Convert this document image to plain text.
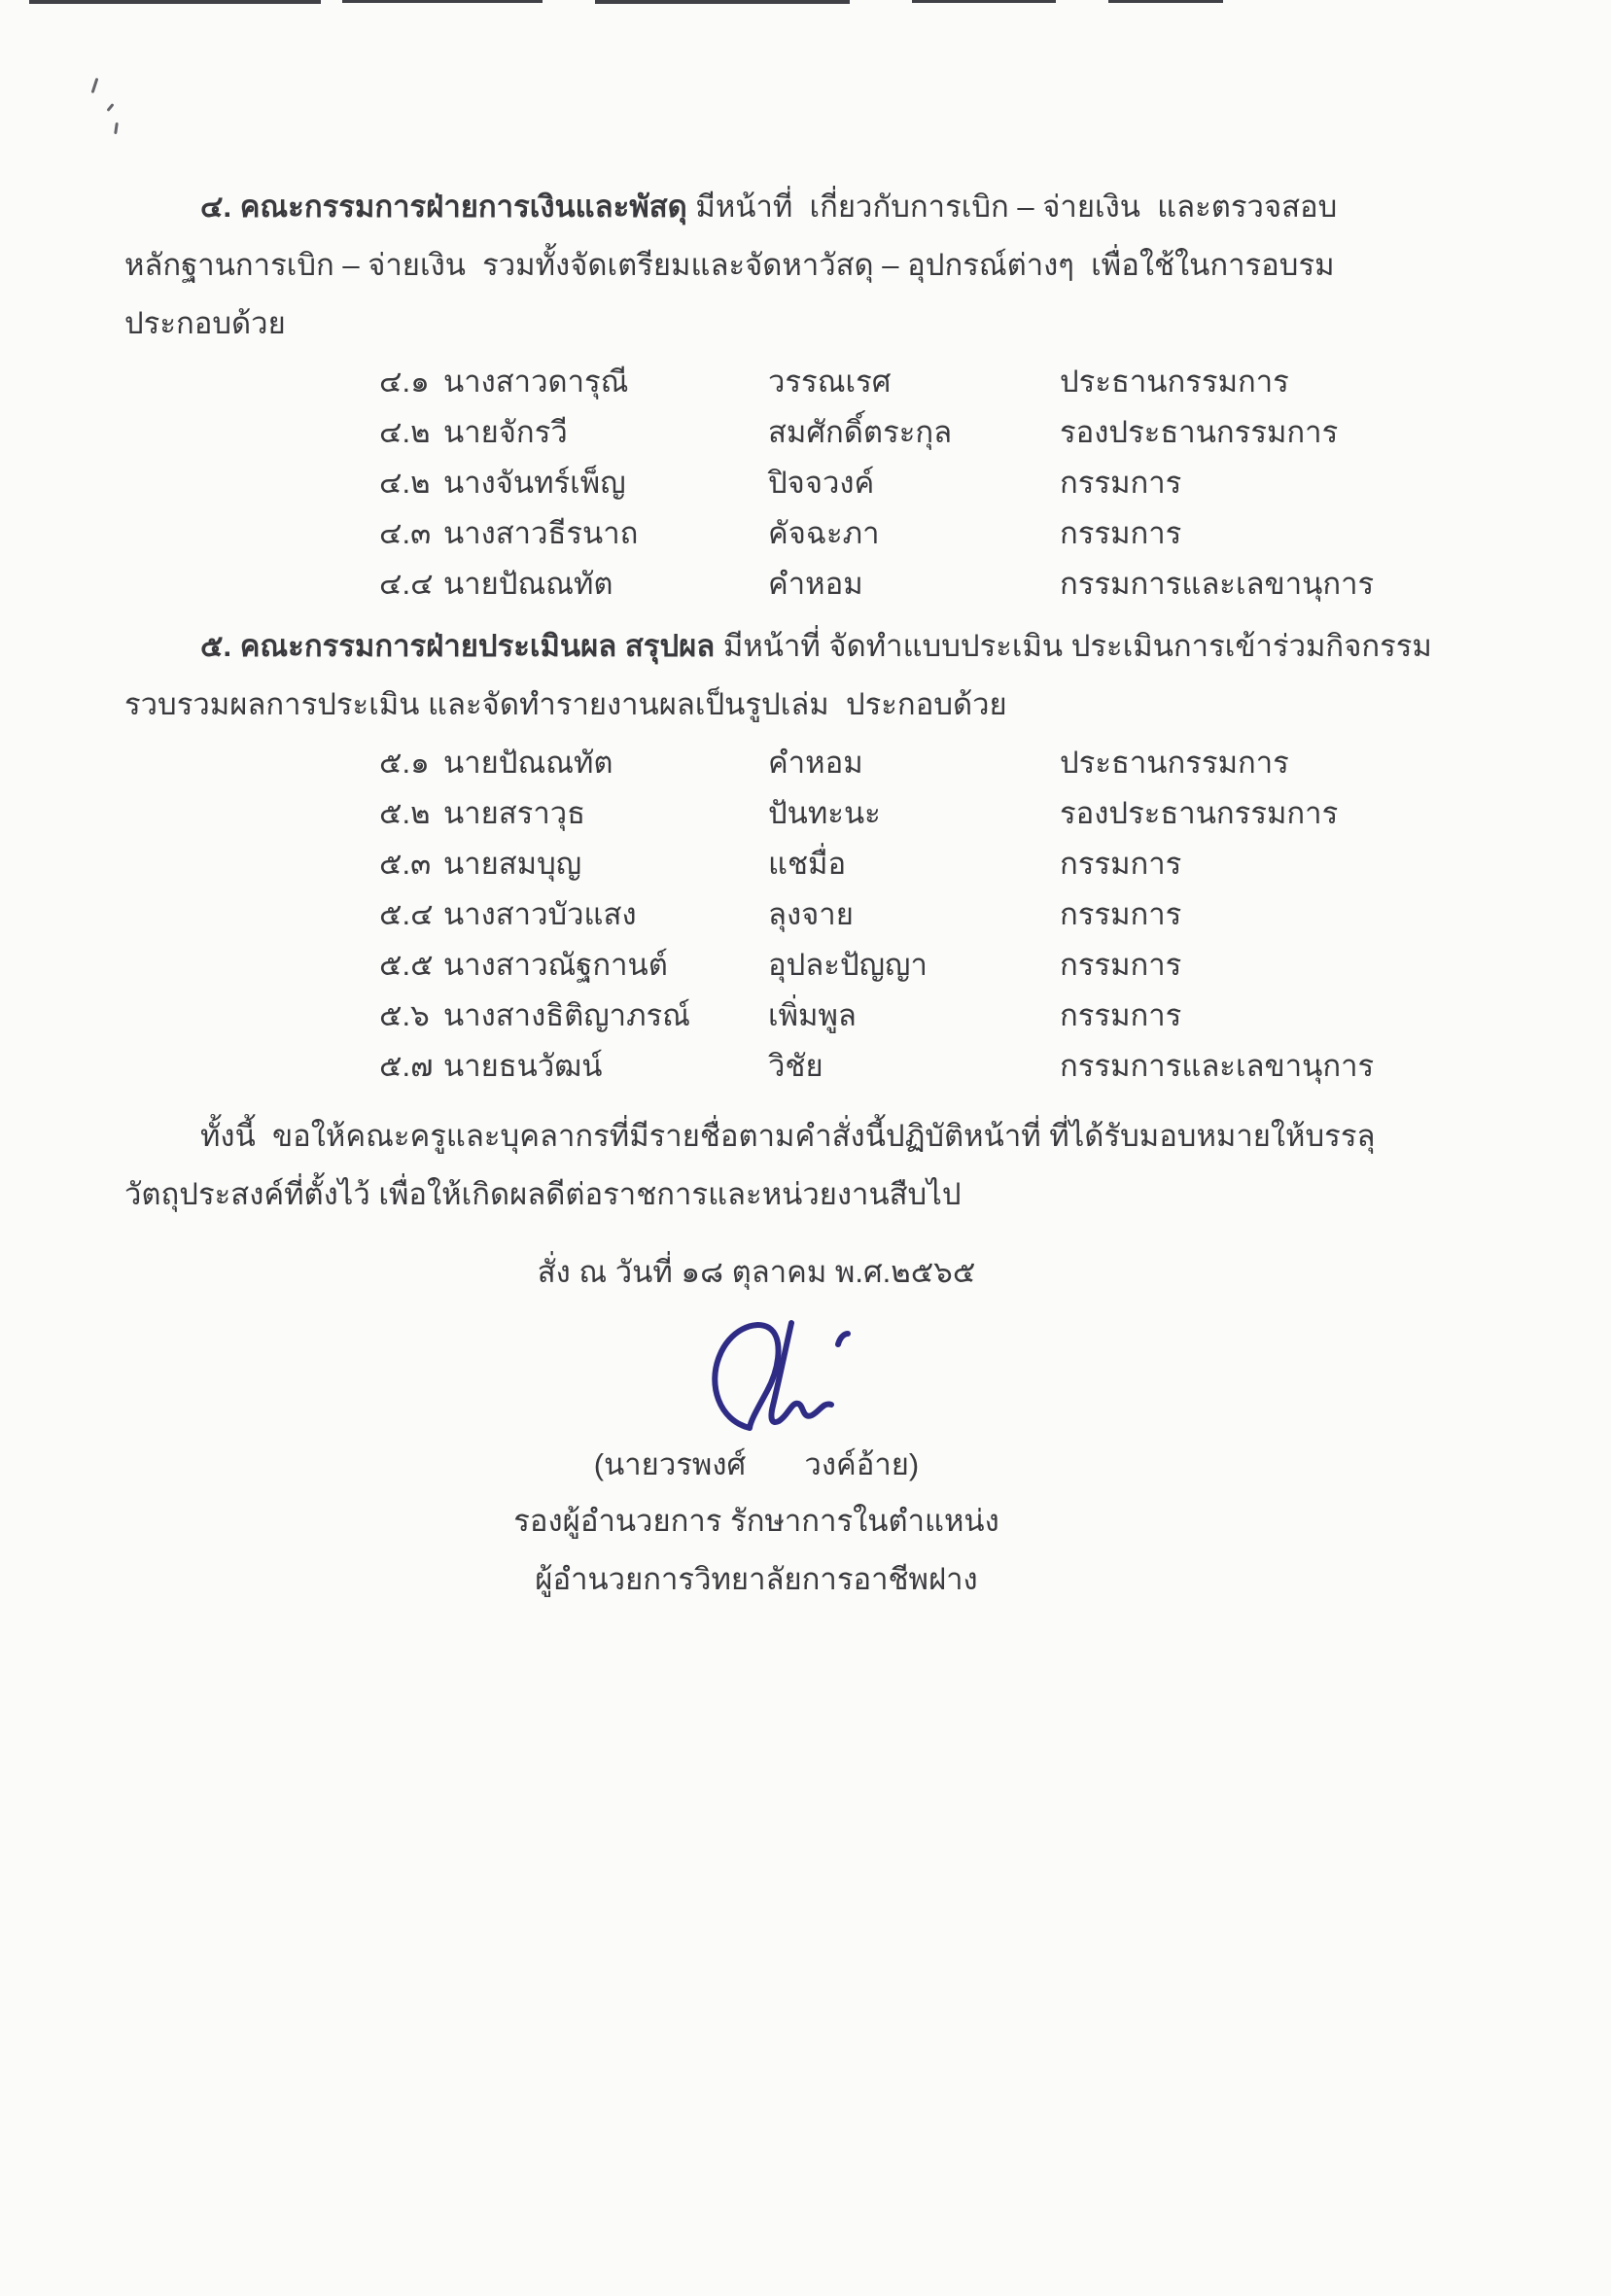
๔. คณะกรรมการฝ่ายการเงินและพัสดุ มีหน้าที่  เกี่ยวกับการเบิก – จ่ายเงิน  และตรวจสอบ
หลักฐานการเบิก – จ่ายเงิน  รวมทั้งจัดเตรียมและจัดหาวัสดุ – อุปกรณ์ต่างๆ  เพื่อใช้ในการอบรม
ประกอบด้วย
๔.๑ นางสาวดารุณี	วรรณเรศ	ประธานกรรมการ
๔.๒ นายจักรวี	สมศักดิ์ตระกุล	รองประธานกรรมการ
๔.๒ นางจันทร์เพ็ญ	ปิจจวงค์	กรรมการ
๔.๓ นางสาวธีรนาถ	คัจฉะภา	กรรมการ
๔.๔ นายปัณณทัต	คำหอม	กรรมการและเลขานุการ
๕. คณะกรรมการฝ่ายประเมินผล สรุปผล มีหน้าที่ จัดทำแบบประเมิน ประเมินการเข้าร่วมกิจกรรม
รวบรวมผลการประเมิน และจัดทำรายงานผลเป็นรูปเล่ม  ประกอบด้วย
๕.๑ นายปัณณทัต	คำหอม	ประธานกรรมการ
๕.๒ นายสราวุธ	ปันทะนะ	รองประธานกรรมการ
๕.๓ นายสมบุญ	แชมื่อ	กรรมการ
๕.๔ นางสาวบัวแสง	ลุงจาย	กรรมการ
๕.๕ นางสาวณัฐกานต์	อุปละปัญญา	กรรมการ
๕.๖ นางสางธิติญาภรณ์	เพิ่มพูล	กรรมการ
๕.๗ นายธนวัฒน์	วิชัย	กรรมการและเลขานุการ
ทั้งนี้  ขอให้คณะครูและบุคลากรที่มีรายชื่อตามคำสั่งนี้ปฏิบัติหน้าที่ ที่ได้รับมอบหมายให้บรรลุ
วัตถุประสงค์ที่ตั้งไว้ เพื่อให้เกิดผลดีต่อราชการและหน่วยงานสืบไป
สั่ง ณ วันที่ ๑๘ ตุลาคม พ.ศ.๒๕๖๕
(นายวรพงศ์       วงค์อ้าย)
รองผู้อำนวยการ รักษาการในตำแหน่ง
ผู้อำนวยการวิทยาลัยการอาชีพฝาง
